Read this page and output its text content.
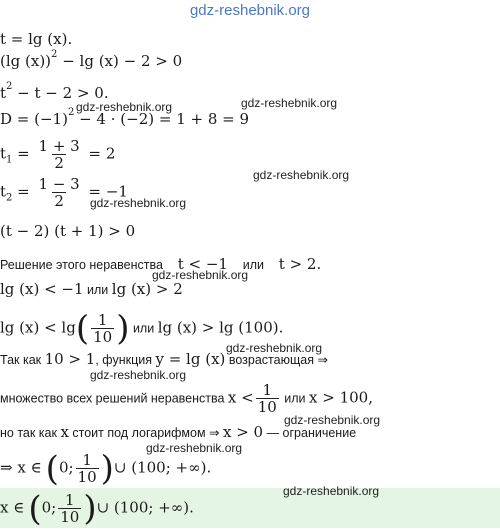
gdz-reshebnik.org
t = lg (x).
(lg (x))$^2$ − lg (x) − 2 > 0
$t^2 - t - 2 > 0$.
$D = (-1)^2 - 4 \cdot (-2) = 1 + 8 = 9$
$t_1 = \frac{1 + 3}{2} = 2$
$t_2 = \frac{1 - 3}{2} = -1$
(t − 2) (t + 1) > 0
Решение этого неравенства t < −1 или t > 2.
lg (x) < −1 или lg (x) > 2
$\lg (x) < \lg( \frac{1}{10}$ ) или lg (x) > lg (100).
Так как 10 > 1, функция y = lg (x) возрастающая ⇒
множество всех решений неравенства $x < \frac{1}{10}$ или x > 100,
но так как x стоит под логарифмом ⇒ x > 0 — ограничение
⇒ x ∈ (0; $\frac{1}{10}$ )∪ (100; +∞).
x ∈ (0; $\frac{1}{10}$ )∪ (100; +∞).
gdz-reshebnik.org	gdz-reshebnik.org
gdz-reshebnik.org
gdz-reshebnik.org
gdz-reshebnik.org
gdz-reshebnik.org
gdz-reshebnik.org
gdz-reshebnik.org
gdz-reshebnik.org
gdz-reshebnik.org
